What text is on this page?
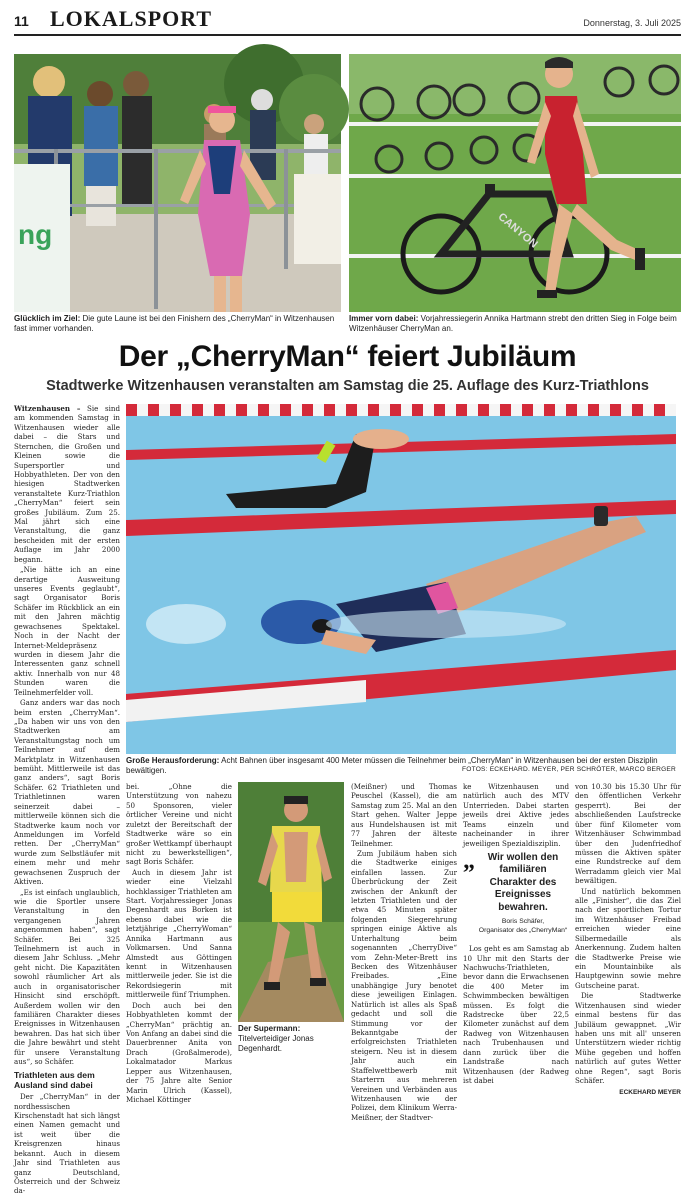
11 LOKALSPORT	Donnerstag, 3. Juli 2025
ng
Glücklich im Ziel: Die gute Laune ist bei den Finishern des „CherryMan“ in Witzenhausen fast immer vorhanden.
CANYON
Immer vorn dabei: Vorjahressiegerin Annika Hartmann strebt den dritten Sieg in Folge beim Witzenhäuser CherryMan an.
Der „CherryMan“ feiert Jubiläum
Stadtwerke Witzenhausen veranstalten am Samstag die 25. Auflage des Kurz-Triathlons

Witzenhausen – Sie sind am kommenden Samstag in Witzenhausen wieder alle dabei – die Stars und Sternchen, die Großen und Kleinen sowie die Supersportler und Hobbyathleten. Der von den hiesigen Stadtwerken veranstaltete Kurz-Triathlon „CherryMan“ feiert sein großes Jubiläum. Zum 25. Mal jährt sich eine Veranstaltung, die ganz bescheiden mit der ersten Auflage im Jahr 2000 begann.

„Nie hätte ich an eine derartige Ausweitung unseres Events geglaubt“, sagt Organisator Boris Schäfer im Rückblick an ein mit den Jahren mächtig gewachsenes Spektakel. Noch in der Nacht der Internet-Meldepräsenz wurden in diesem Jahr die Interessenten ganz schnell aktiv. Innerhalb von nur 48 Stunden waren die Teilnehmerfelder voll.

Ganz anders war das noch beim ersten „CherryMan“. „Da haben wir uns von den Stadtwerken am Veranstaltungstag noch um Teilnehmer auf dem Marktplatz in Witzenhausen bemüht. Mittlerweile ist das ganz anders“, sagt Boris Schäfer. 62 Triathleten und Triathletinnen waren seinerzeit dabei – mittlerweile können sich die Stadtwerke kaum noch vor Anmeldungen im Vorfeld retten. Der „CherryMan“ wurde zum Selbstläufer mit einem mehr und mehr gewachsenen Zuspruch der Aktiven.

„Es ist einfach unglaublich, wie die Sportler unsere Veranstaltung in den vergangenen Jahren angenommen haben“, sagt Schäfer. Bei 325 Teilnehmern ist auch in diesem Jahr Schluss. „Mehr geht nicht. Die Kapazitäten sowohl räumlicher Art als auch in organisatorischer Hinsicht sind erschöpft. Außerdem wollen wir den familiären Charakter dieses Ereignisses in Witzenhausen bewahren. Das hat sich über die Jahre bewährt und steht für unsere Veranstaltung aus“, so Schäfer.

Triathleten aus dem Ausland sind dabei

Der „CherryMan“ in der nordhessischen Kirschenstadt hat sich längst einen Namen gemacht und ist weit über die Kreisgrenzen hinaus bekannt. Auch in diesem Jahr sind Triathleten aus ganz Deutschland, Österreich und der Schweiz da-

Große Herausforderung: Acht Bahnen über insgesamt 400 Meter müssen die Teilnehmer beim „CherryMan“ in Witzenhausen bei der ersten Disziplin bewältigen.	FOTOS: ECKEHARD. MEYER, PER SCHRÖTER, MARCO BERGER

bei. „Ohne die Unterstützung von nahezu 50 Sponsoren, vieler örtlicher Vereine und nicht zuletzt der Bereitschaft der Stadtwerke wäre so ein großer Wettkampf überhaupt nicht zu bewerkstelligen“, sagt Boris Schäfer.

Auch in diesem Jahr ist wieder eine Vielzahl hochklassiger Triathleten am Start. Vorjahressieger Jonas Degenhardt aus Borken ist ebenso dabei wie die letztjährige „CherryWoman“ Annika Hartmann aus Volkmarsen. Und Sanna Almstedt aus Göttingen kennt in Witzenhausen mittlerweile jeder. Sie ist die Rekordsiegerin mit mittlerweile fünf Triumphen.

Doch auch bei den Hobbyathleten kommt der „CherryMan“ prächtig an. Von Anfang an dabei sind die Dauerbrenner Anita von Drach (Großalmerode), Lokalmatador Markus Lepper aus Witzenhausen, der 75 Jahre alte Senior Marin Ulrich (Kassel), Michael Köttinger

Der Supermann: Titelverteidiger Jonas Degenhardt.

(Meißner) und Thomas Peuschel (Kassel), die am Samstag zum 25. Mal an den Start gehen. Walter Jeppe aus Hundelshausen ist mit 77 Jahren der älteste Teilnehmer.

Zum Jubiläum haben sich die Stadtwerke einiges einfallen lassen. Zur Überbrückung der Zeit zwischen der Ankunft der letzten Triathleten und der etwa 45 Minuten später folgenden Siegerehrung springen einige Aktive als Unterhaltung beim sogenannten „CherryDive“ vom Zehn-Meter-Brett ins Becken des Witzenhäuser Freibades. „Eine unabhängige Jury benotet diese jeweiligen Einlagen. Natürlich ist alles als Spaß gedacht und soll die Stimmung vor der Bekanntgabe der erfolgreichsten Triathleten steigern. Neu ist in diesem Jahr auch ein Staffelwettbewerb mit Starterrn aus mehreren Vereinen und Verbänden aus Witzenhausen wie der Polizei, dem Klinikum Werra-Meißner, der Stadtver-

ke Witzenhausen und natürlich auch des MTV Unterrieden. Dabei starten jeweils drei Aktive jedes Teams einzeln und nacheinander in ihrer jeweiligen Spezialdisziplin.

„	Wir wollen den familiären Charakter des Ereignisses bewahren.
Boris Schäfer,
Organisator des „CherryMan“

Los geht es am Samstag ab 10 Uhr mit den Starts der Nachwuchs-Triathleten, bevor dann die Erwachsenen die 400 Meter im Schwimmbecken bewältigen müssen. Es folgt die Radstrecke über 22,5 Kilometer zunächst auf dem Radweg von Witzenhausen nach Trubenhausen und dann zurück über die Landstraße nach Witzenhausen (der Radweg ist dabei

von 10.30 bis 15.30 Uhr für den öffentlichen Verkehr gesperrt). Bei der abschließenden Laufstrecke über fünf Kilometer vom Witzenhäuser Schwimmbad über den Judenfriedhof müssen die Aktiven später eine Rundstrecke auf dem Werradamm gleich vier Mal bewältigen.

Und natürlich bekommen alle „Finisher“, die das Ziel nach der sportlichen Tortur im Witzenhäuser Freibad erreichen wieder eine Silbermedaille als Anerkennung. Zudem halten die Stadtwerke Preise wie ein Mountainbike als Hauptgewinn sowie mehre Gutscheine parat.

Die Stadtwerke Witzenhausen sind wieder einmal bestens für das Jubiläum gewappnet. „Wir haben uns mit all' unseren Unterstützern wieder richtig Mühe gegeben und hoffen natürlich auf gutes Wetter ohne Regen“, sagt Boris Schäfer.

ECKEHARD MEYER
